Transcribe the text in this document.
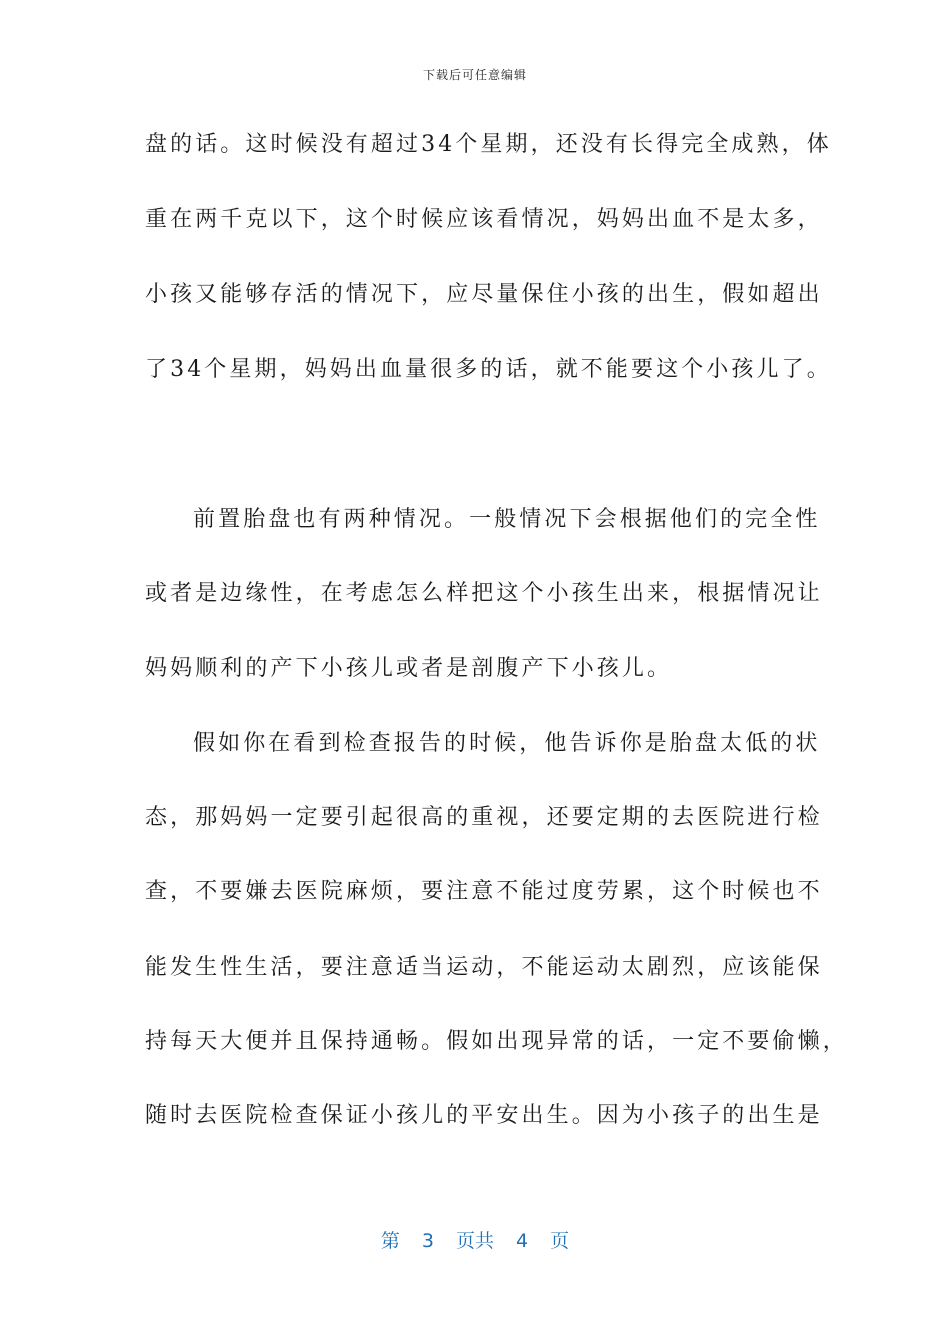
下载后可任意编辑
盘的话。这时候没有超过34个星期，还没有长得完全成熟，体
重在两千克以下，这个时候应该看情况，妈妈出血不是太多，
小孩又能够存活的情况下，应尽量保住小孩的出生，假如超出
了34个星期，妈妈出血量很多的话，就不能要这个小孩儿了。
前置胎盘也有两种情况。一般情况下会根据他们的完全性
或者是边缘性，在考虑怎么样把这个小孩生出来，根据情况让
妈妈顺利的产下小孩儿或者是剖腹产下小孩儿。
假如你在看到检查报告的时候，他告诉你是胎盘太低的状
态，那妈妈一定要引起很高的重视，还要定期的去医院进行检
查，不要嫌去医院麻烦，要注意不能过度劳累，这个时候也不
能发生性生活，要注意适当运动，不能运动太剧烈，应该能保
持每天大便并且保持通畅。假如出现异常的话，一定不要偷懒，
随时去医院检查保证小孩儿的平安出生。因为小孩子的出生是
第 3 页共 4 页
